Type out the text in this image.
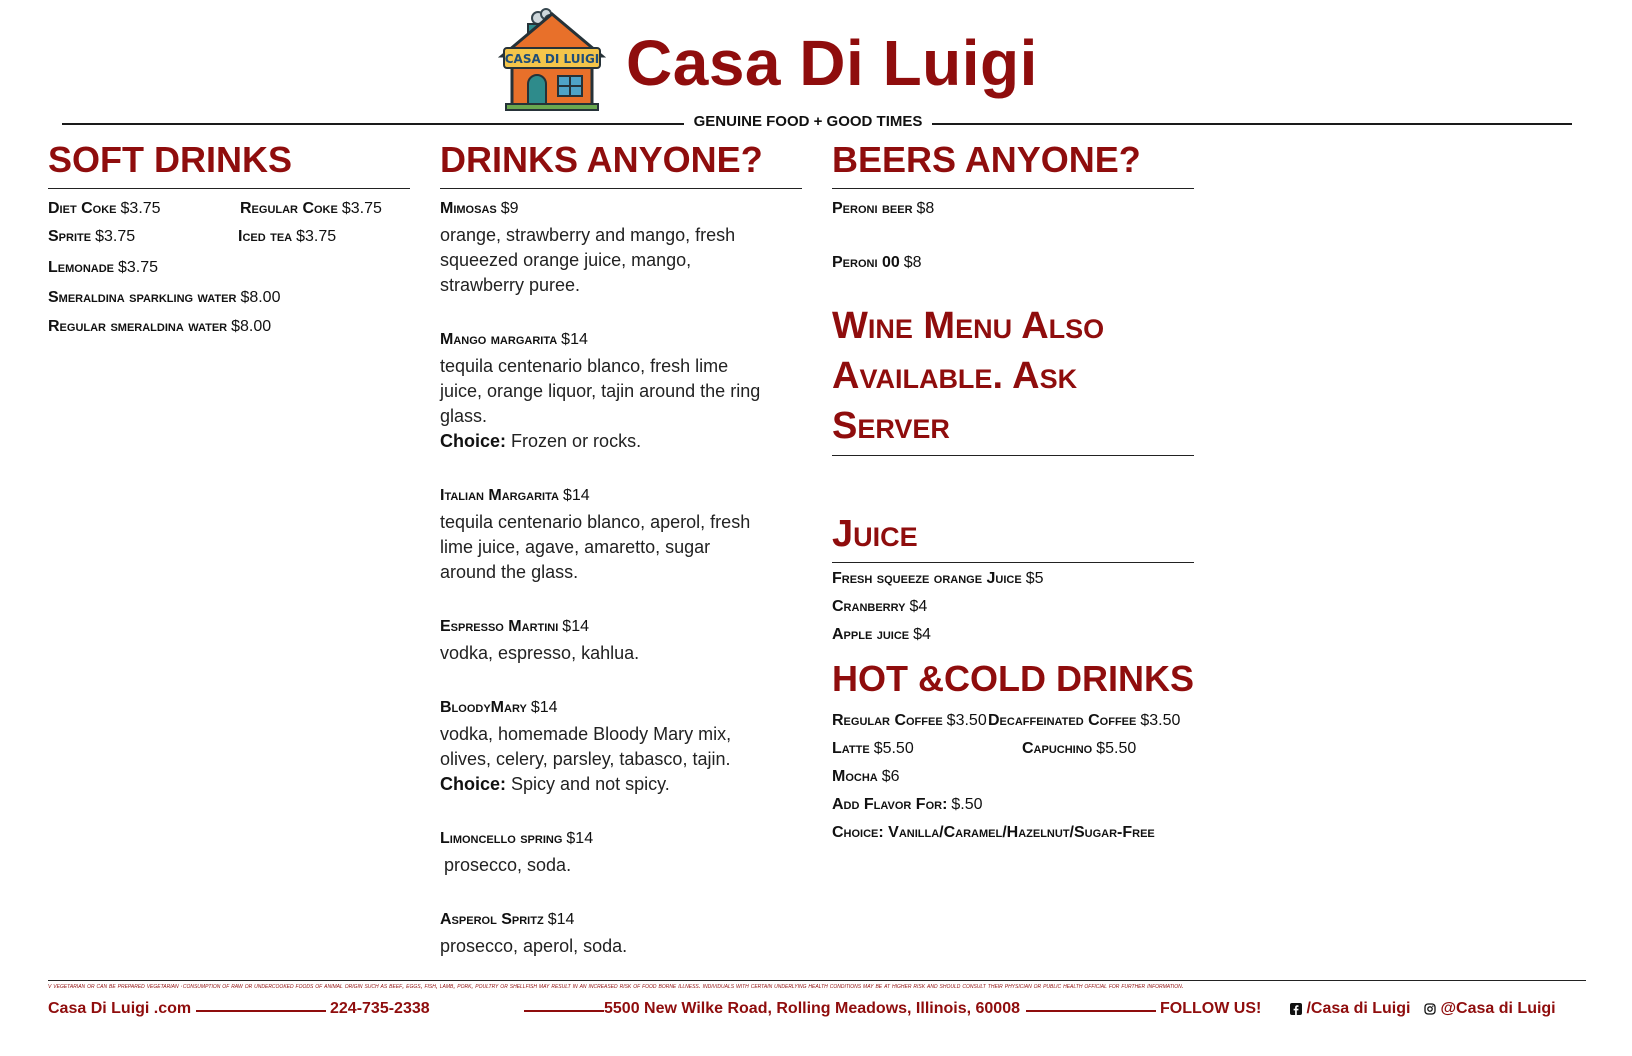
CASA DI LUIGI Casa Di Luigi
GENUINE FOOD + GOOD TIMES
SOFT DRINKS
Diet Coke $3.75	Regular Coke $3.75
Sprite $3.75	Iced tea $3.75
Lemonade $3.75
Smeraldina sparkling water $8.00
Regular smeraldina water $8.00
DRINKS ANYONE?
Mimosas $9
orange, strawberry and mango, fresh squeezed orange juice, mango, strawberry puree.
Mango margarita $14
tequila centenario blanco, fresh lime juice, orange liquor, tajin around the ring glass.
Choice: Frozen or rocks.
Italian Margarita $14
tequila centenario blanco, aperol, fresh lime juice, agave, amaretto, sugar around the glass.
Espresso Martini $14
vodka, espresso, kahlua.
BloodyMary $14
vodka, homemade Bloody Mary mix, olives, celery, parsley, tabasco, tajin.
Choice: Spicy and not spicy.
Limoncello spring $14
prosecco, soda.
Asperol Spritz $14
prosecco, aperol, soda.
BEERS ANYONE?
Peroni beer $8
Peroni 00 $8
Wine Menu Also Available. Ask Server
Juice
Fresh squeeze orange Juice $5
Cranberry $4
Apple juice $4
HOT &COLD DRINKS
Regular Coffee $3.50 Decaffeinated Coffee $3.50
Latte $5.50	Capuchino $5.50
Mocha $6
Add Flavor For: $.50
Choice: Vanilla/Caramel/Hazelnut/Sugar-Free
v vegetarian or can be prepared vegetarian ·consumption of raw or undercooked foods of animal origin such as beef, eggs, fish, lamb, pork, poultry or shellfish may result in an increased risk of food borne illness. individuals with certain underlying health conditions may be at higher risk and should consult their physician or public health official for further information.
Casa Di Luigi .com	224-735-2338	5500 New Wilke Road, Rolling Meadows, Illinois, 60008	FOLLOW US!	/Casa di Luigi	@Casa di Luigi
